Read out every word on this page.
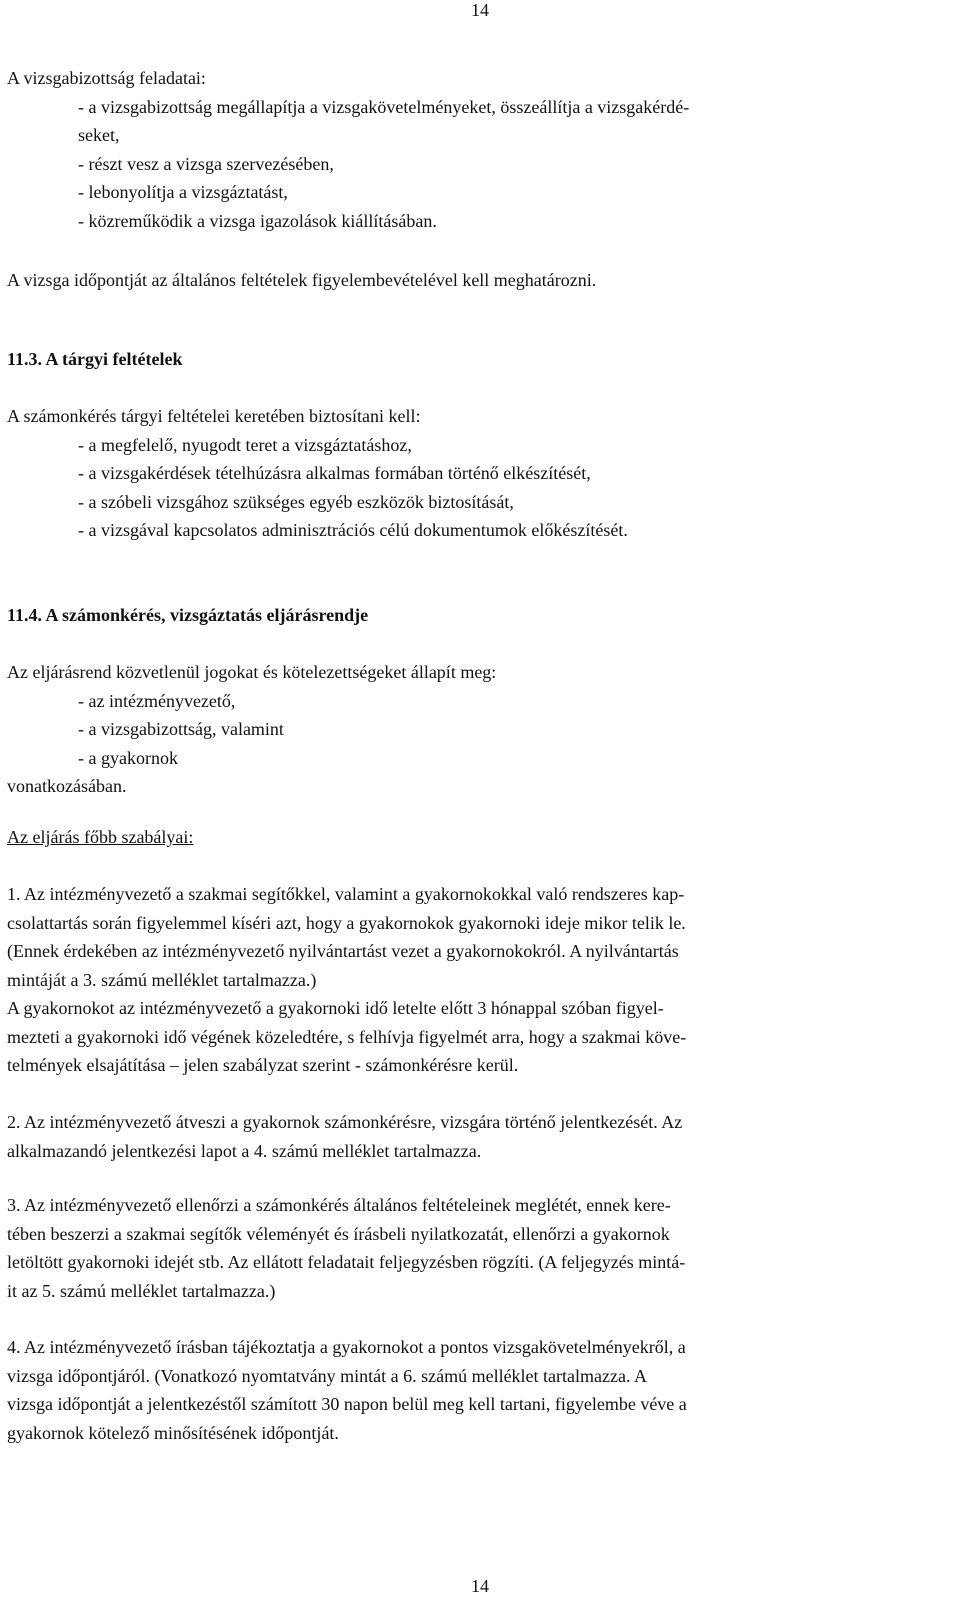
14

A vizsgabizottság feladatai:

- a vizsgabizottság megállapítja a vizsgakövetelményeket, összeállítja a vizsgakérdé-

seket,

- részt vesz a vizsga szervezésében,

- lebonyolítja a vizsgáztatást,

- közreműködik a vizsga igazolások kiállításában.

A vizsga időpontját az általános feltételek figyelembevételével kell meghatározni.

11.3. A tárgyi feltételek

A számonkérés tárgyi feltételei keretében biztosítani kell:

- a megfelelő, nyugodt teret a vizsgáztatáshoz,

- a vizsgakérdések tételhúzásra alkalmas formában történő elkészítését,

- a szóbeli vizsgához szükséges egyéb eszközök biztosítását,

- a vizsgával kapcsolatos adminisztrációs célú dokumentumok előkészítését.

11.4. A számonkérés, vizsgáztatás eljárásrendje

Az eljárásrend közvetlenül jogokat és kötelezettségeket állapít meg:

- az intézményvezető,

- a vizsgabizottság, valamint

- a gyakornok

vonatkozásában.

Az eljárás főbb szabályai:

1. Az intézményvezető a szakmai segítőkkel, valamint a gyakornokokkal való rendszeres kap-

csolattartás során figyelemmel kíséri azt, hogy a gyakornokok gyakornoki ideje mikor telik le.

(Ennek érdekében az intézményvezető nyilvántartást vezet a gyakornokokról. A nyilvántartás

mintáját a 3. számú melléklet tartalmazza.)

A gyakornokot az intézményvezető a gyakornoki idő letelte előtt 3 hónappal szóban figyel-

mezteti a gyakornoki idő végének közeledtére, s felhívja figyelmét arra, hogy a szakmai köve-

telmények elsajátítása – jelen szabályzat szerint - számonkérésre kerül.

2. Az intézményvezető átveszi a gyakornok számonkérésre, vizsgára történő jelentkezését. Az

alkalmazandó jelentkezési lapot a 4. számú melléklet tartalmazza.

3. Az intézményvezető ellenőrzi a számonkérés általános feltételeinek meglétét, ennek kere-

tében beszerzi a szakmai segítők véleményét és írásbeli nyilatkozatát, ellenőrzi a gyakornok

letöltött gyakornoki idejét stb. Az ellátott feladatait feljegyzésben rögzíti. (A feljegyzés mintá-

it az 5. számú melléklet tartalmazza.)

4. Az intézményvezető írásban tájékoztatja a gyakornokot a pontos vizsgakövetelményekről, a

vizsga időpontjáról. (Vonatkozó nyomtatvány mintát a 6. számú melléklet tartalmazza. A

vizsga időpontját a jelentkezéstől számított 30 napon belül meg kell tartani, figyelembe véve a

gyakornok kötelező minősítésének időpontját.

14
